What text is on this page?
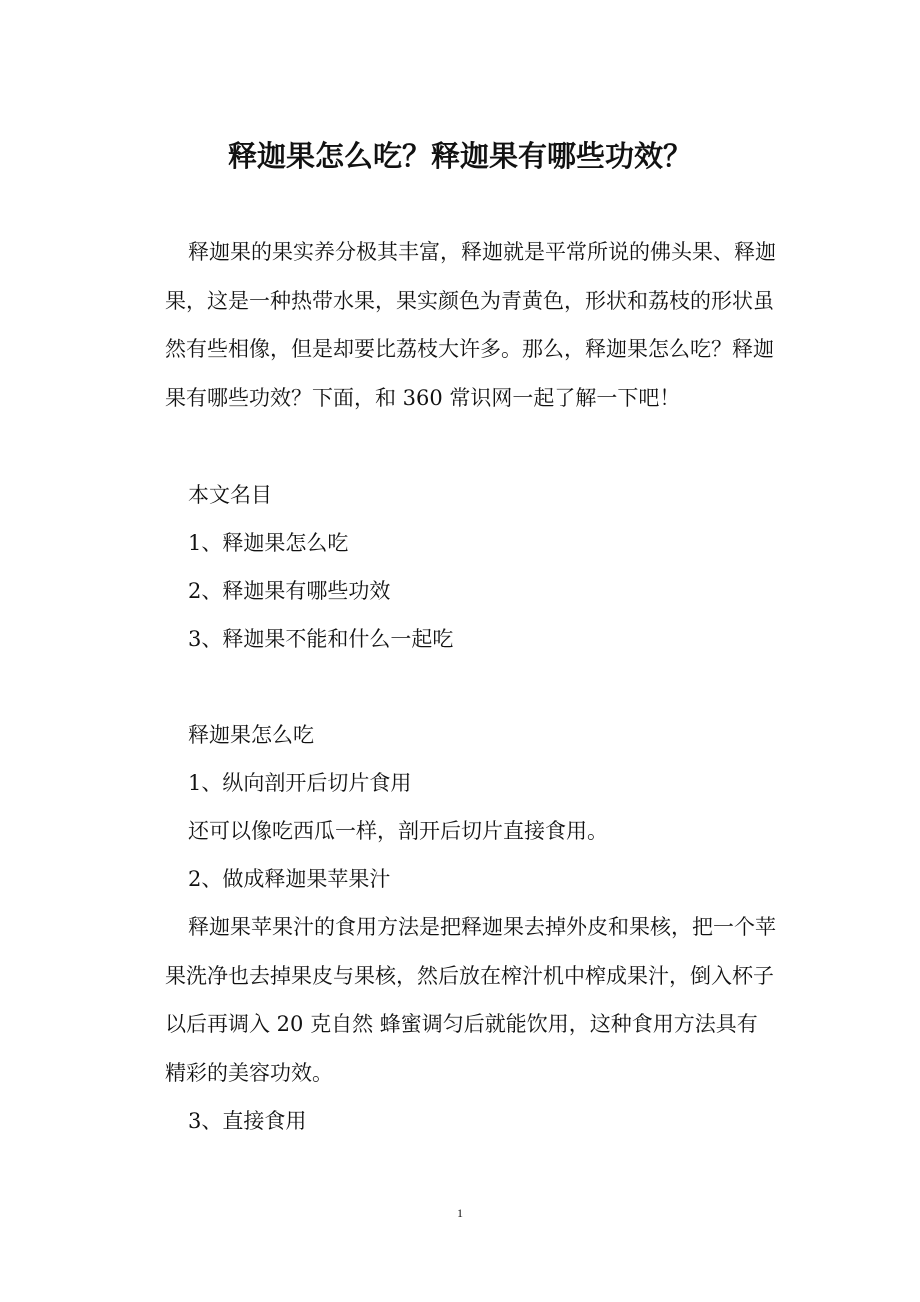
释迦果怎么吃？释迦果有哪些功效？

释迦果的果实养分极其丰富，释迦就是平常所说的佛头果、释迦果，这是一种热带水果，果实颜色为青黄色，形状和荔枝的形状虽然有些相像，但是却要比荔枝大许多。那么，释迦果怎么吃？释迦果有哪些功效？下面，和 360 常识网一起了解一下吧！

本文名目

1、释迦果怎么吃

2、释迦果有哪些功效

3、释迦果不能和什么一起吃

释迦果怎么吃

1、纵向剖开后切片食用

还可以像吃西瓜一样，剖开后切片直接食用。

2、做成释迦果苹果汁

释迦果苹果汁的食用方法是把释迦果去掉外皮和果核，把一个苹果洗净也去掉果皮与果核，然后放在榨汁机中榨成果汁，倒入杯子以后再调入 20 克自然 蜂蜜调匀后就能饮用，这种食用方法具有精彩的美容功效。

3、直接食用

1
